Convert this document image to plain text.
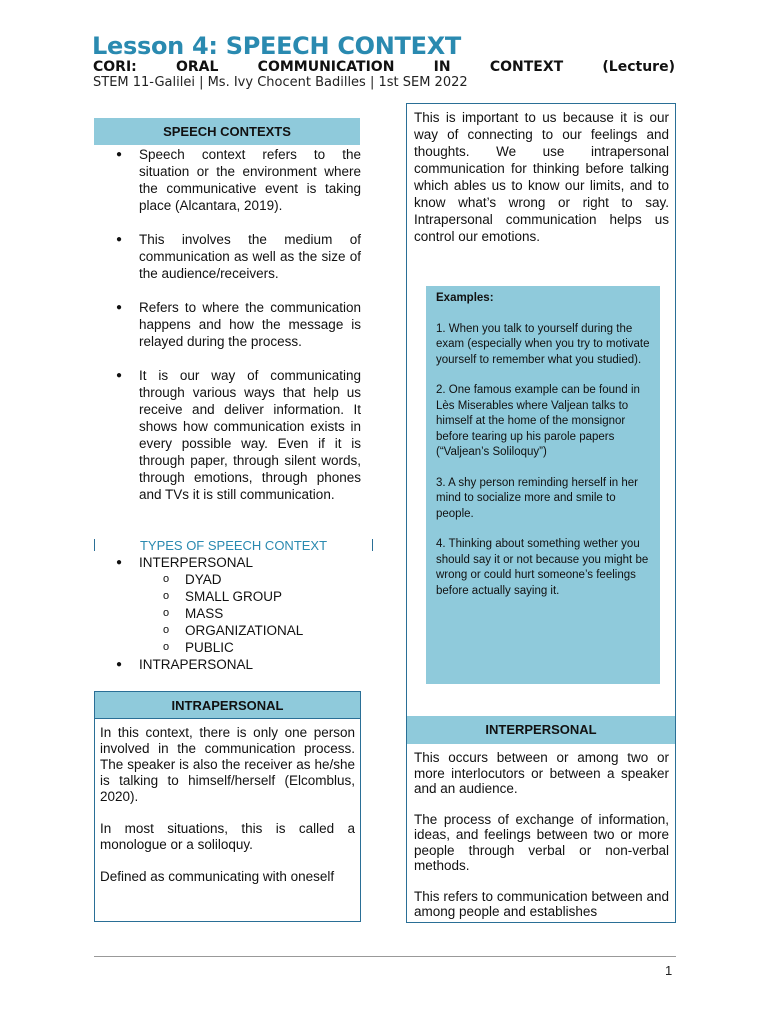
Lesson 4: SPEECH CONTEXT
CORI:	ORAL	COMMUNICATION	IN	CONTEXT	(Lecture)
STEM 11-Galilei | Ms. Ivy Chocent Badilles | 1st SEM 2022
SPEECH CONTEXTS
● Speech context refers to the situation or the environment where the communicative event is taking place (Alcantara, 2019).
● This involves the medium of communication as well as the size of the audience/receivers.
● Refers to where the communication happens and how the message is relayed during the process.
● It is our way of communicating through various ways that help us receive and deliver information. It shows how communication exists in every possible way. Even if it is through paper, through silent words, through emotions, through phones and TVs it is still communication.
TYPES OF SPEECH CONTEXT
● INTERPERSONAL
o DYAD
o SMALL GROUP
o MASS
o ORGANIZATIONAL
o PUBLIC
● INTRAPERSONAL
INTRAPERSONAL

In this context, there is only one person involved in the communication process. The speaker is also the receiver as he/she is talking to himself/herself (Elcomblus, 2020).

In most situations, this is called a monologue or a soliloquy.

Defined as communicating with oneself

This is important to us because it is our way of connecting to our feelings and thoughts. We use intrapersonal communication for thinking before talking which ables us to know our limits, and to know what’s wrong or right to say. Intrapersonal communication helps us control our emotions.

Examples:

1. When you talk to yourself during the exam (especially when you try to motivate yourself to remember what you studied).

2. One famous example can be found in Lès Miserables where Valjean talks to himself at the home of the monsignor before tearing up his parole papers (“Valjean’s Soliloquy”)

3. A shy person reminding herself in her mind to socialize more and smile to people.

4. Thinking about something wether you should say it or not because you might be wrong or could hurt someone’s feelings before actually saying it.

INTERPERSONAL

This occurs between or among two or more interlocutors or between a speaker and an audience.

The process of exchange of information, ideas, and feelings between two or more people through verbal or non-verbal methods.

This refers to communication between and among people and establishes

1
